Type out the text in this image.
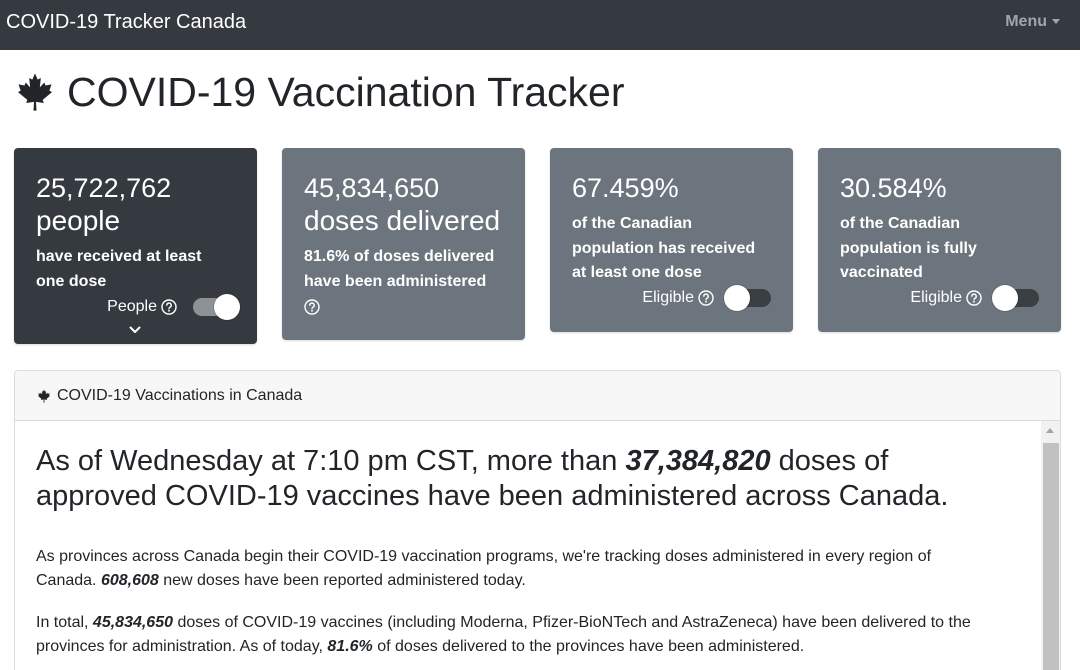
COVID-19 Tracker Canada	Menu
COVID-19 Vaccination Tracker
25,722,762
people
have received at least
one dose
People
45,834,650
doses delivered
81.6% of doses delivered
have been administered
67.459%
of the Canadian
population has received
at least one dose
Eligible
30.584%
of the Canadian
population is fully
vaccinated
Eligible
COVID-19 Vaccinations in Canada
As of Wednesday at 7:10 pm CST, more than 37,384,820 doses of approved COVID-19 vaccines have been administered across Canada.

As provinces across Canada begin their COVID-19 vaccination programs, we're tracking doses administered in every region of Canada. 608,608 new doses have been reported administered today.

In total, 45,834,650 doses of COVID-19 vaccines (including Moderna, Pfizer-BioNTech and AstraZeneca) have been delivered to the provinces for administration. As of today, 81.6% of doses delivered to the provinces have been administered.
